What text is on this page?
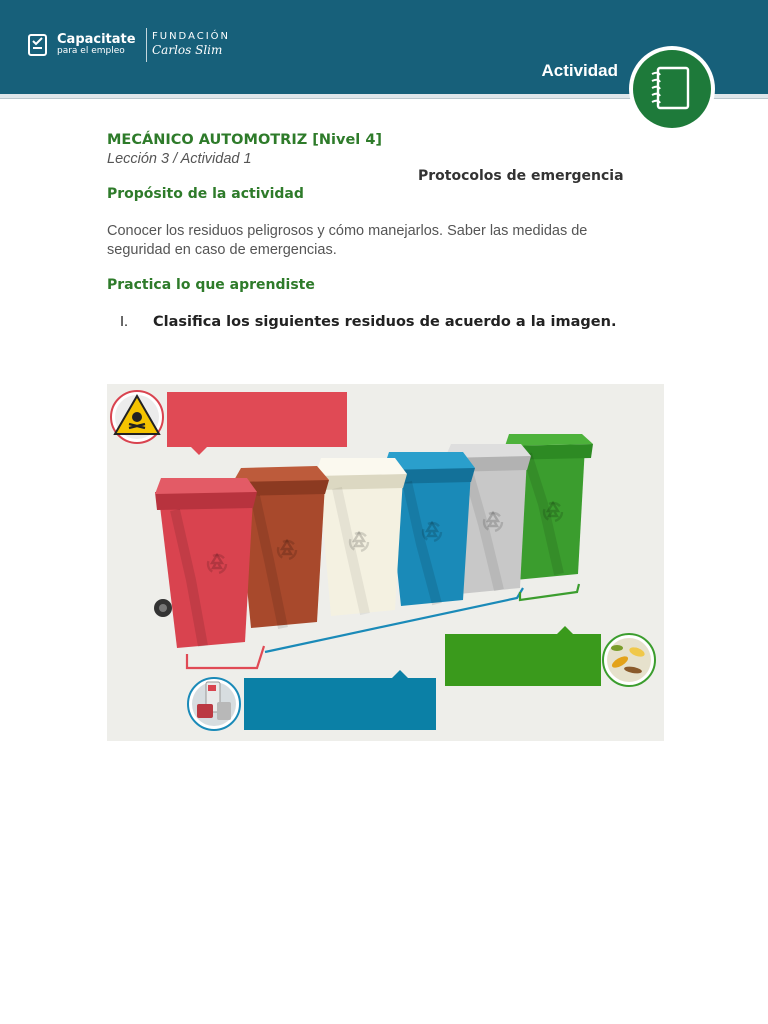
Capacitate
para el empleo
FUNDACIÓN
Carlos Slim
Actividad
MECÁNICO AUTOMOTRIZ [Nivel 4]
Lección 3 / Actividad 1
Protocolos de emergencia
Propósito de la actividad
Conocer los residuos peligrosos y cómo manejarlos. Saber las medidas de seguridad en caso de emergencias.
Practica lo que aprendiste
I. Clasifica los siguientes residuos de acuerdo a la imagen.
